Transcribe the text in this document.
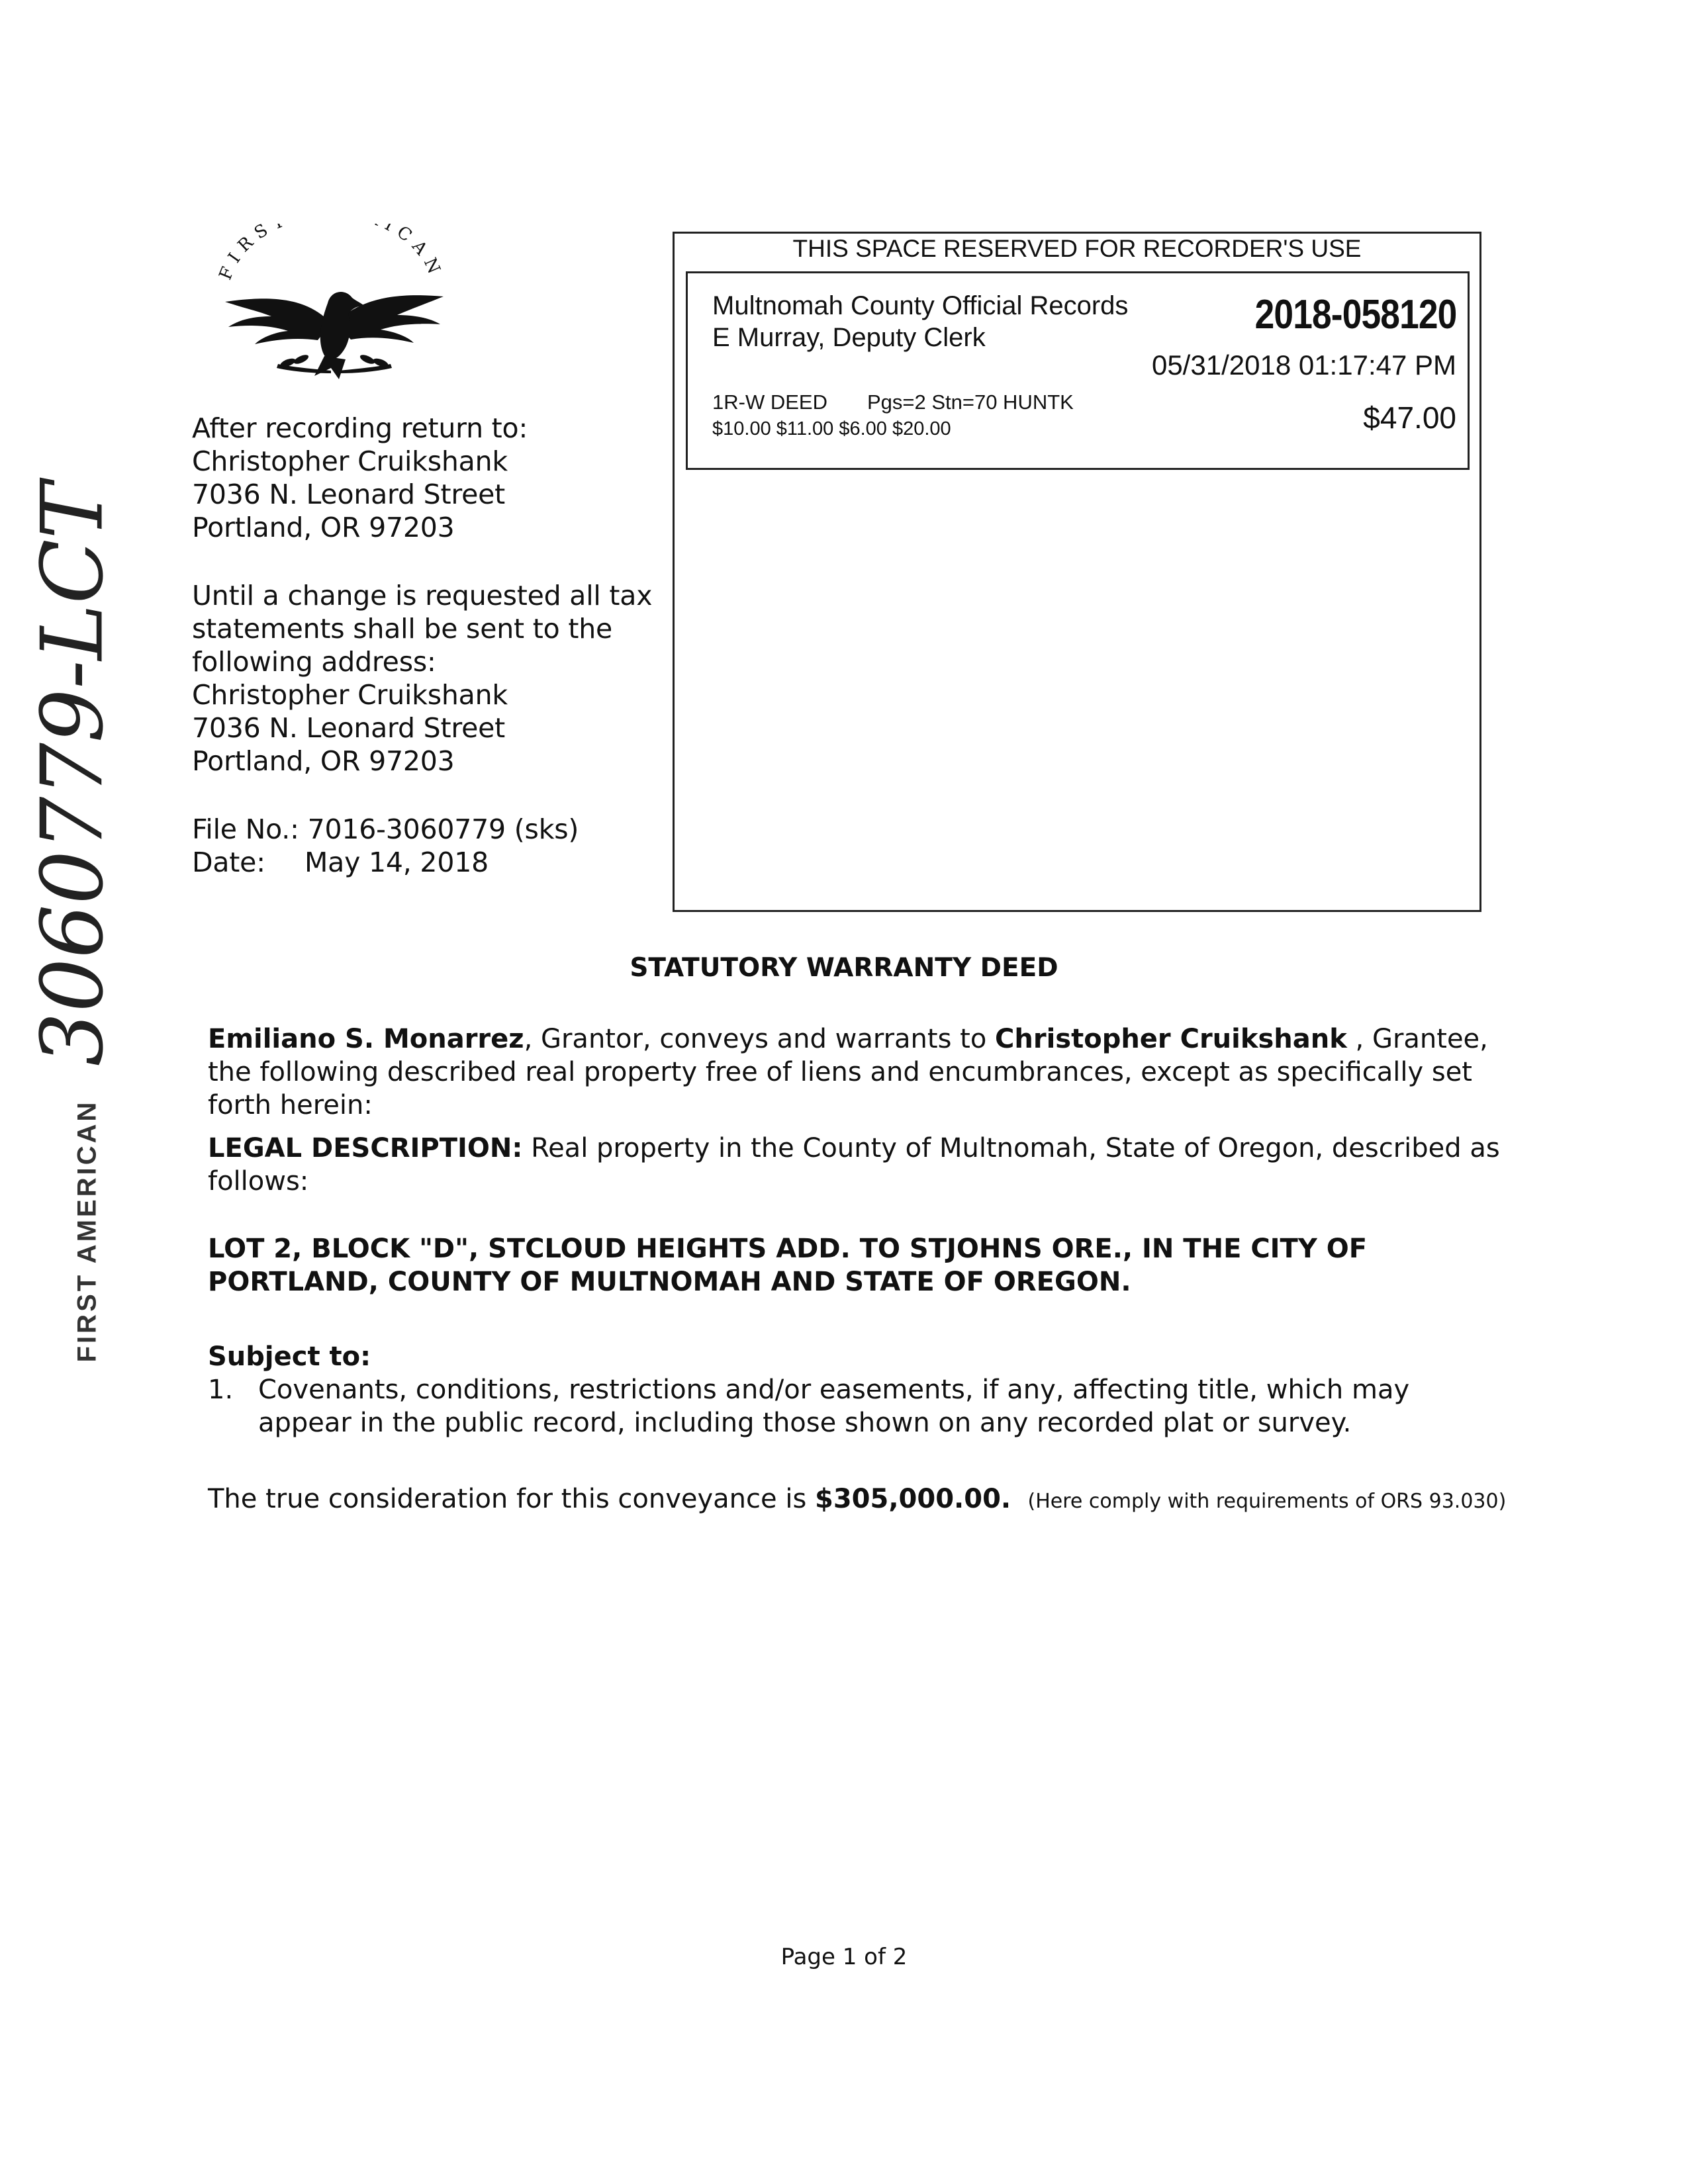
FIRS ICAN
After recording return to:
Christopher Cruikshank
7036 N. Leonard Street
Portland, OR 97203
Until a change is requested all tax
statements shall be sent to the
following address:
Christopher Cruikshank
7036 N. Leonard Street
Portland, OR 97203
File No.: 7016-3060779 (sks)
Date: May 14, 2018
THIS SPACE RESERVED FOR RECORDER'S USE
Multnomah County Official Records
E Murray, Deputy Clerk	2018-058120
05/31/2018 01:17:47 PM
1R-W DEED Pgs=2 Stn=70 HUNTK
$10.00 $11.00 $6.00 $20.00	$47.00
STATUTORY WARRANTY DEED
Emiliano S. Monarrez, Grantor, conveys and warrants to Christopher Cruikshank , Grantee, the following described real property free of liens and encumbrances, except as specifically set forth herein:
LEGAL DESCRIPTION: Real property in the County of Multnomah, State of Oregon, described as follows:
LOT 2, BLOCK "D", STCLOUD HEIGHTS ADD. TO STJOHNS ORE., IN THE CITY OF PORTLAND, COUNTY OF MULTNOMAH AND STATE OF OREGON.
Subject to:
1. Covenants, conditions, restrictions and/or easements, if any, affecting title, which may appear in the public record, including those shown on any recorded plat or survey.
The true consideration for this conveyance is $305,000.00. (Here comply with requirements of ORS 93.030)
Page 1 of 2
FIRST AMERICAN
3060779-LCT
